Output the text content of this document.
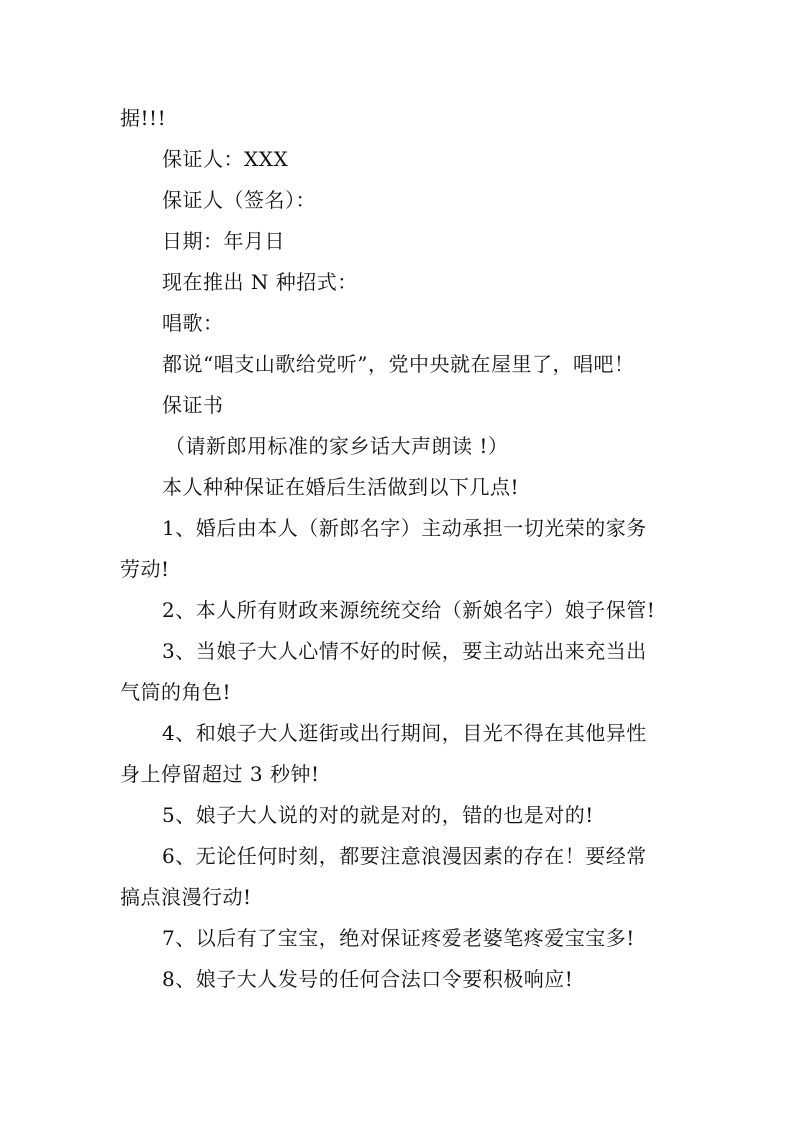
据!!!
保证人：XXX
保证人（签名）：
日期：年月日
现在推出 N 种招式：
唱歌：
都说“唱支山歌给党听”，党中央就在屋里了，唱吧！
保证书
（请新郎用标准的家乡话大声朗读 !）
本人种种保证在婚后生活做到以下几点!
1、婚后由本人（新郎名字）主动承担一切光荣的家务
劳动!
2、本人所有财政来源统统交给（新娘名字）娘子保管!
3、当娘子大人心情不好的时候，要主动站出来充当出
气筒的角色!
4、和娘子大人逛街或出行期间，目光不得在其他异性
身上停留超过 3 秒钟!
5、娘子大人说的对的就是对的，错的也是对的!
6、无论任何时刻，都要注意浪漫因素的存在！要经常
搞点浪漫行动!
7、以后有了宝宝，绝对保证疼爱老婆笔疼爱宝宝多!
8、娘子大人发号的任何合法口令要积极响应!
